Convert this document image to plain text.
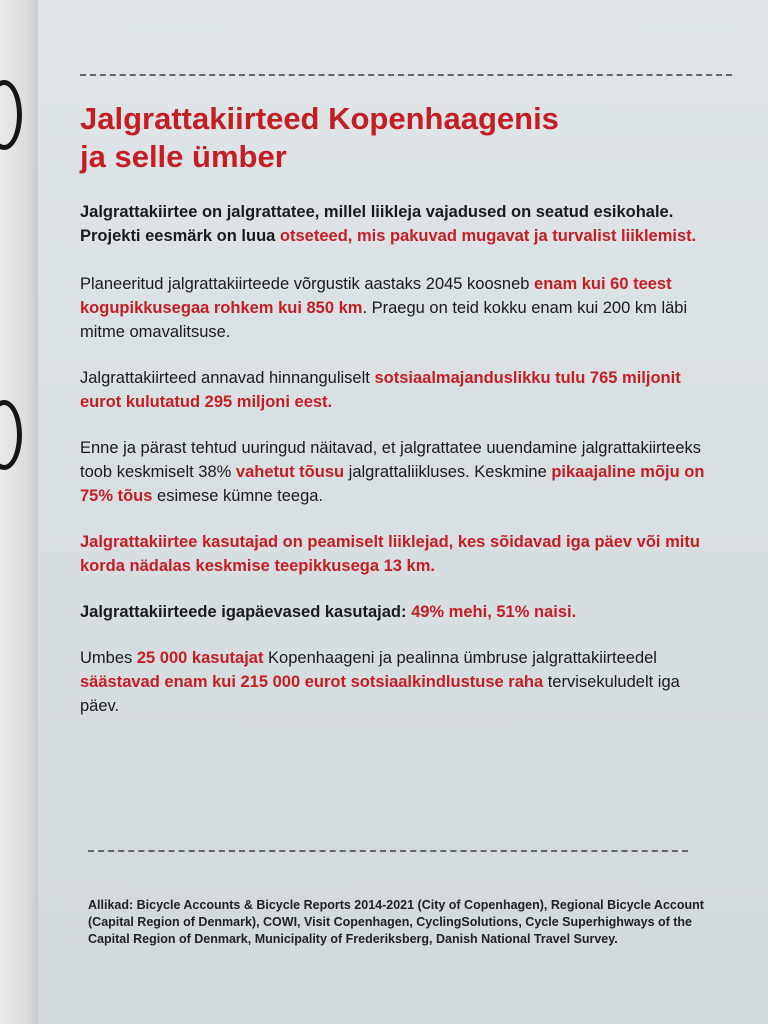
Jalgrattakiirteed Kopenhaagenis
ja selle ümber

Jalgrattakiirtee on jalgrattatee, millel liikleja vajadused on seatud esikohale. Projekti eesmärk on luua otseteed, mis pakuvad mugavat ja turvalist liiklemist.

Planeeritud jalgrattakiirteede võrgustik aastaks 2045 koosneb enam kui 60 teest kogupikkusegaa rohkem kui 850 km. Praegu on teid kokku enam kui 200 km läbi mitme omavalitsuse.

Jalgrattakiirteed annavad hinnanguliselt sotsiaalmajanduslikku tulu 765 miljonit eurot kulutatud 295 miljoni eest.

Enne ja pärast tehtud uuringud näitavad, et jalgrattatee uuendamine jalgrattakiirteeks toob keskmiselt 38% vahetut tõusu jalgrattaliikluses. Keskmine pikaajaline mõju on 75% tõus esimese kümne teega.

Jalgrattakiirtee kasutajad on peamiselt liiklejad, kes sõidavad iga päev või mitu korda nädalas keskmise teepikkusega 13 km.

Jalgrattakiirteede igapäevased kasutajad: 49% mehi, 51% naisi.

Umbes 25 000 kasutajat Kopenhaageni ja pealinna ümbruse jalgrattakiirteedel säästavad enam kui 215 000 eurot sotsiaalkindlustuse raha tervisekuludelt iga päev.

Allikad: Bicycle Accounts & Bicycle Reports 2014-2021 (City of Copenhagen), Regional Bicycle Account (Capital Region of Denmark), COWI, Visit Copenhagen, CyclingSolutions, Cycle Superhighways of the Capital Region of Denmark, Municipality of Frederiksberg, Danish National Travel Survey.
